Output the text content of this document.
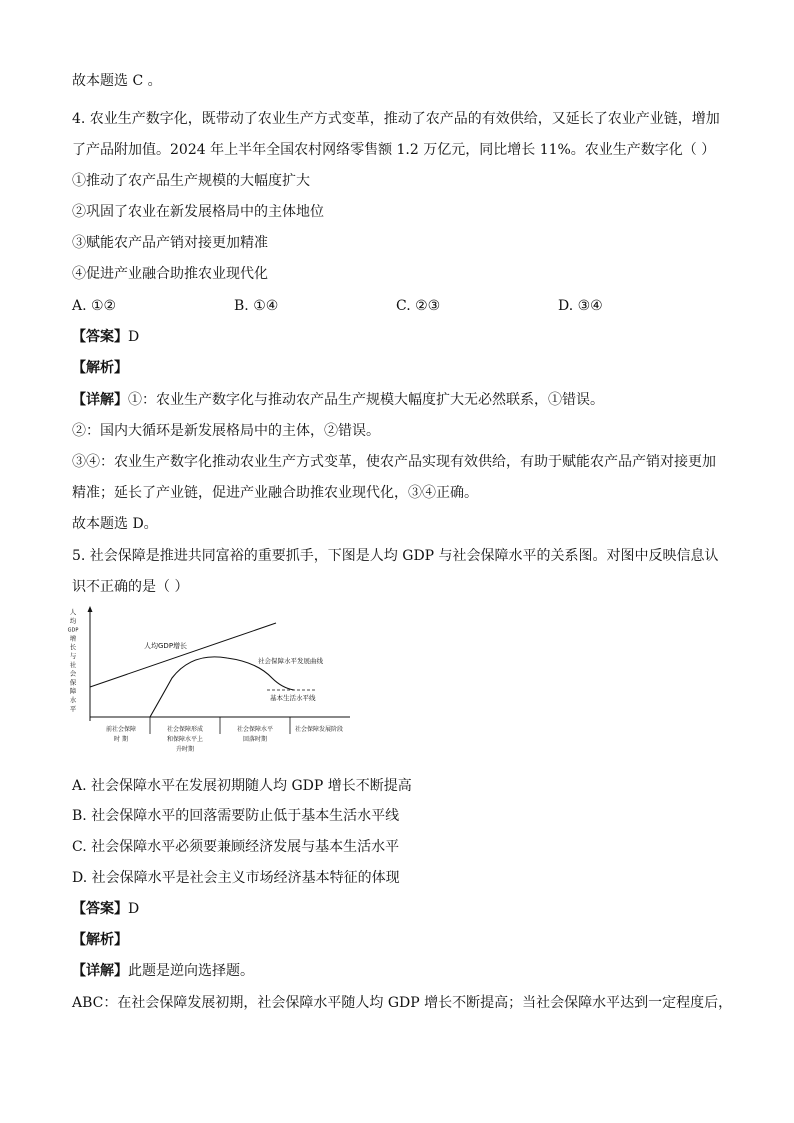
故本题选 C 。
4. 农业生产数字化，既带动了农业生产方式变革，推动了农产品的有效供给，又延长了农业产业链，增加
了产品附加值。2024 年上半年全国农村网络零售额 1.2 万亿元，同比增长 11%。农业生产数字化（ ）
①推动了农产品生产规模的大幅度扩大
②巩固了农业在新发展格局中的主体地位
③赋能农产品产销对接更加精准
④促进产业融合助推农业现代化
A. ①②	B. ①④	C. ②③	D. ③④
【答案】D
【解析】
【详解】①：农业生产数字化与推动农产品生产规模大幅度扩大无必然联系，①错误。
②：国内大循环是新发展格局中的主体，②错误。
③④：农业生产数字化推动农业生产方式变革，使农产品实现有效供给，有助于赋能农产品产销对接更加
精准；延长了产业链，促进产业融合助推农业现代化，③④正确。
故本题选 D。
5. 社会保障是推进共同富裕的重要抓手，下图是人均 GDP 与社会保障水平的关系图。对图中反映信息认
识不正确的是（ ）
人
均
GDP
增
长
与
社
会
保
障
水
平
人均GDP增长
社会保障水平发展曲线
基本生活水平线
前社会保障
时 期
社会保障形成
和保障水平上
升时期
社会保障水平
回落时期
社会保障发展阶段
A. 社会保障水平在发展初期随人均 GDP 增长不断提高
B. 社会保障水平的回落需要防止低于基本生活水平线
C. 社会保障水平必须要兼顾经济发展与基本生活水平
D. 社会保障水平是社会主义市场经济基本特征的体现
【答案】D
【解析】
【详解】此题是逆向选择题。
ABC：在社会保障发展初期，社会保障水平随人均 GDP 增长不断提高；当社会保障水平达到一定程度后，
